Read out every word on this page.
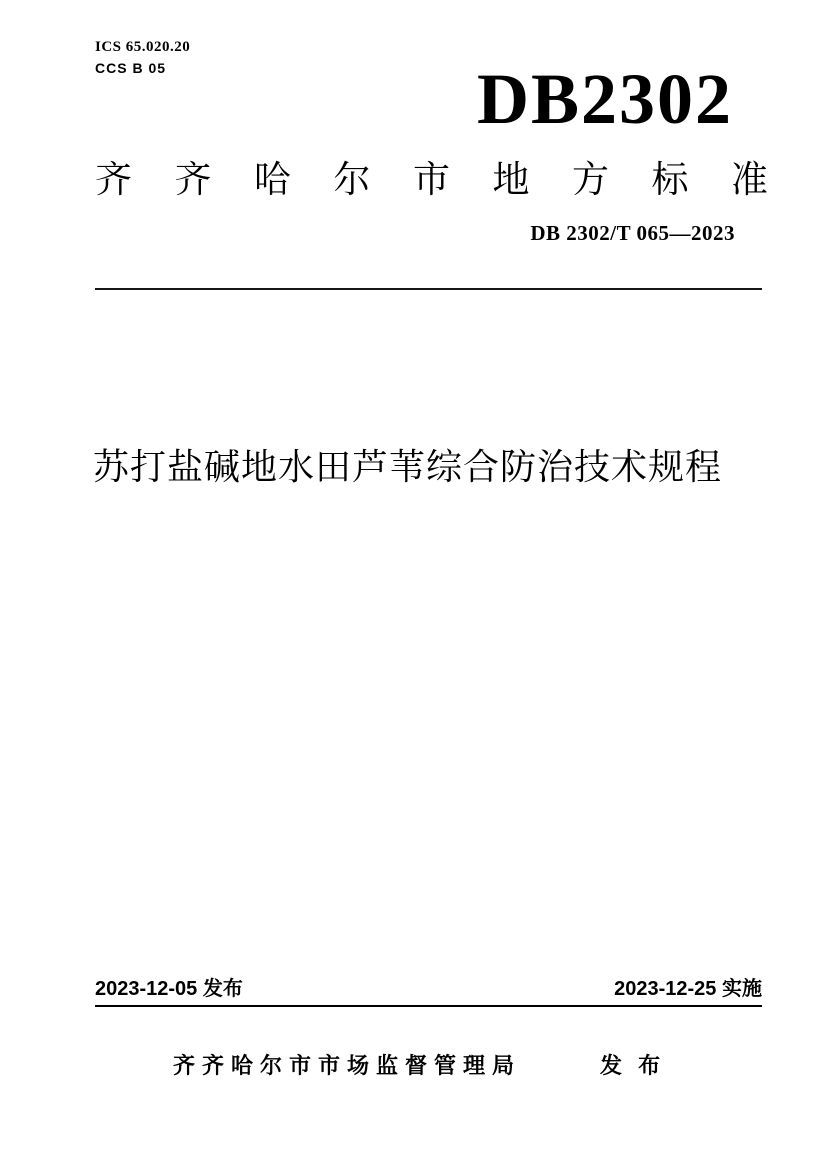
ICS 65.020.20
CCS B 05	DB2302
齐齐哈尔市地方标准
DB 2302/T 065—2023
苏打盐碱地水田芦苇综合防治技术规程
2023-12-05 发布	2023-12-25 实施
齐齐哈尔市市场监督管理局	发 布
